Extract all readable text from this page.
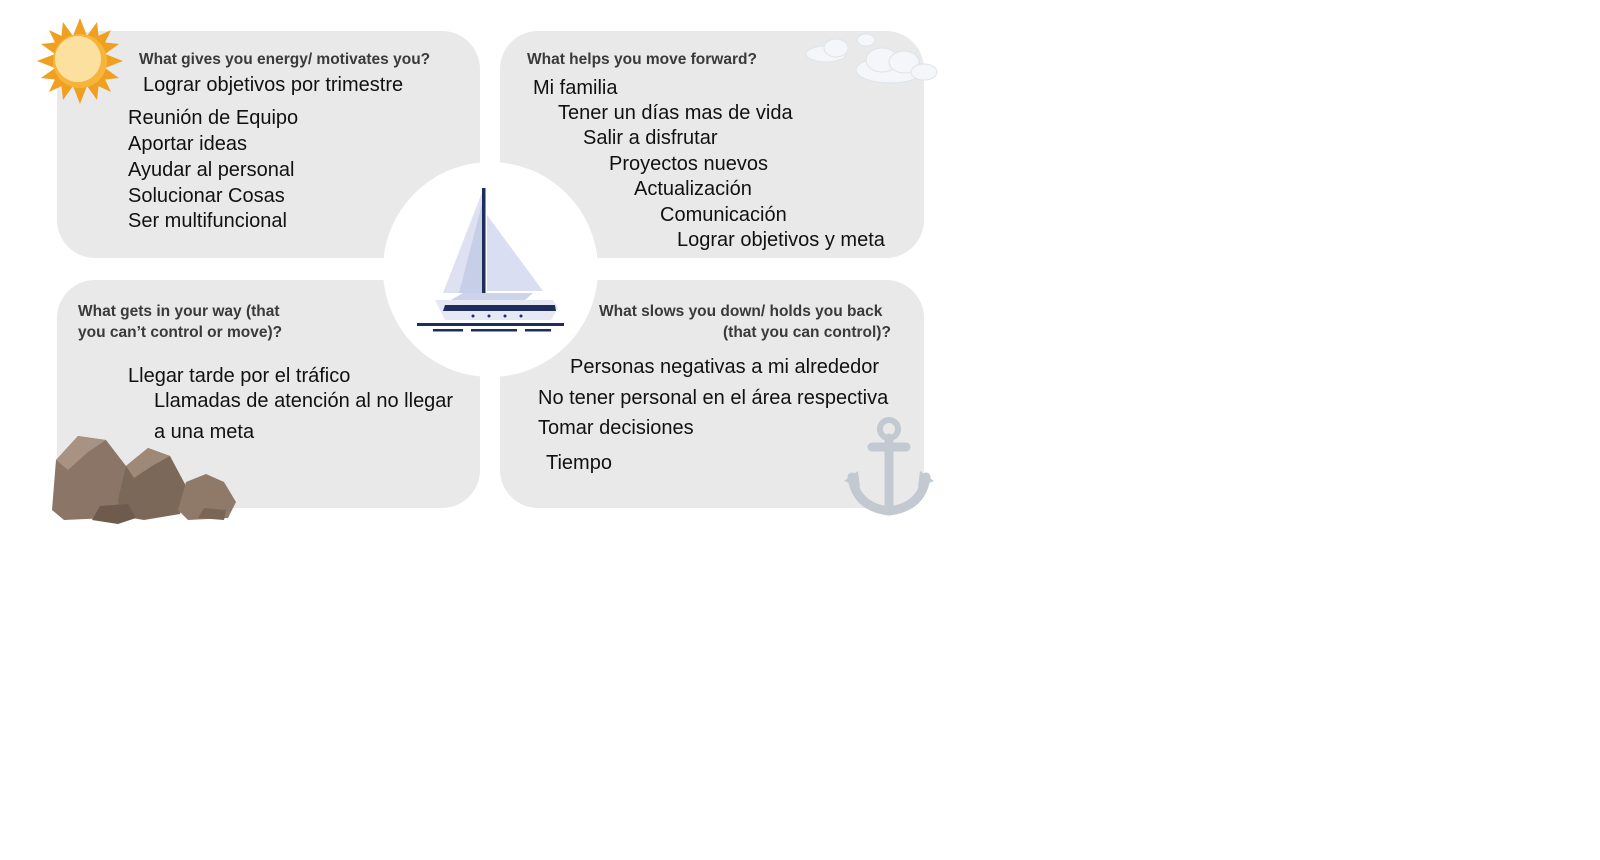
What gives you energy/ motivates you?
Lograr objetivos por trimestre
Reunión de Equipo
Aportar ideas
Ayudar al personal
Solucionar Cosas
Ser multifuncional
What helps you move forward?
Mi familia
Tener un días mas de vida
Salir a disfrutar
Proyectos nuevos
Actualización
Comunicación
Lograr objetivos y meta
What gets in your way (that
you can’t control or move)?
Llegar tarde por el tráfico
Llamadas de atención al no llegar
a una meta
What slows you down/ holds you back
(that you can control)?
Personas negativas a mi alrededor
No tener personal en el área respectiva
Tomar decisiones
Tiempo
